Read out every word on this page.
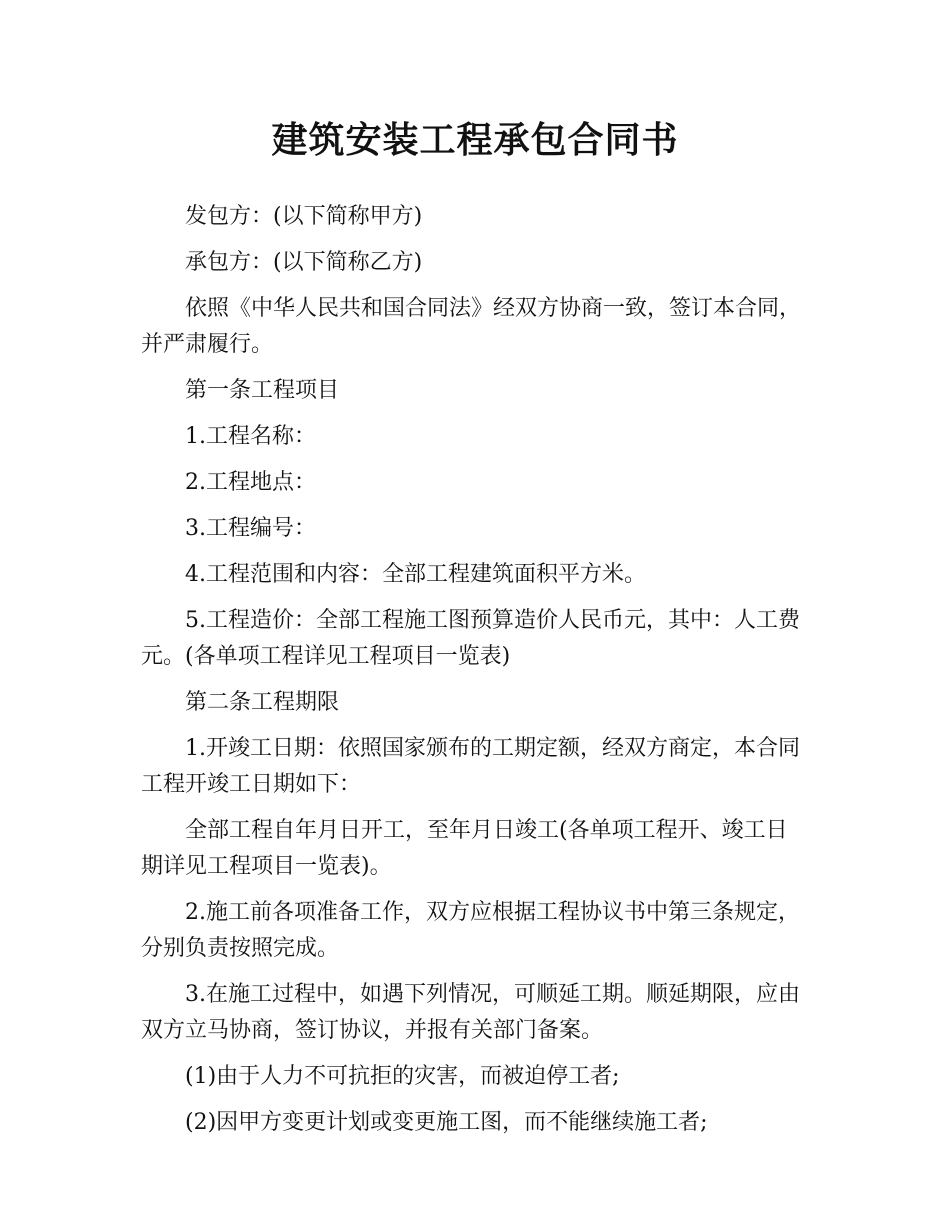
建筑安装工程承包合同书

发包方：(以下简称甲方)

承包方：(以下简称乙方)

依照《中华人民共和国合同法》经双方协商一致，签订本合同，并严肃履行。

第一条工程项目

1.工程名称：

2.工程地点：

3.工程编号：

4.工程范围和内容：全部工程建筑面积平方米。

5.工程造价：全部工程施工图预算造价人民币元，其中：人工费元。(各单项工程详见工程项目一览表)

第二条工程期限

1.开竣工日期：依照国家颁布的工期定额，经双方商定，本合同工程开竣工日期如下：

全部工程自年月日开工，至年月日竣工(各单项工程开、竣工日期详见工程项目一览表)。

2.施工前各项准备工作，双方应根据工程协议书中第三条规定，分别负责按照完成。

3.在施工过程中，如遇下列情况，可顺延工期。顺延期限，应由双方立马协商，签订协议，并报有关部门备案。

(1)由于人力不可抗拒的灾害，而被迫停工者;

(2)因甲方变更计划或变更施工图，而不能继续施工者;
